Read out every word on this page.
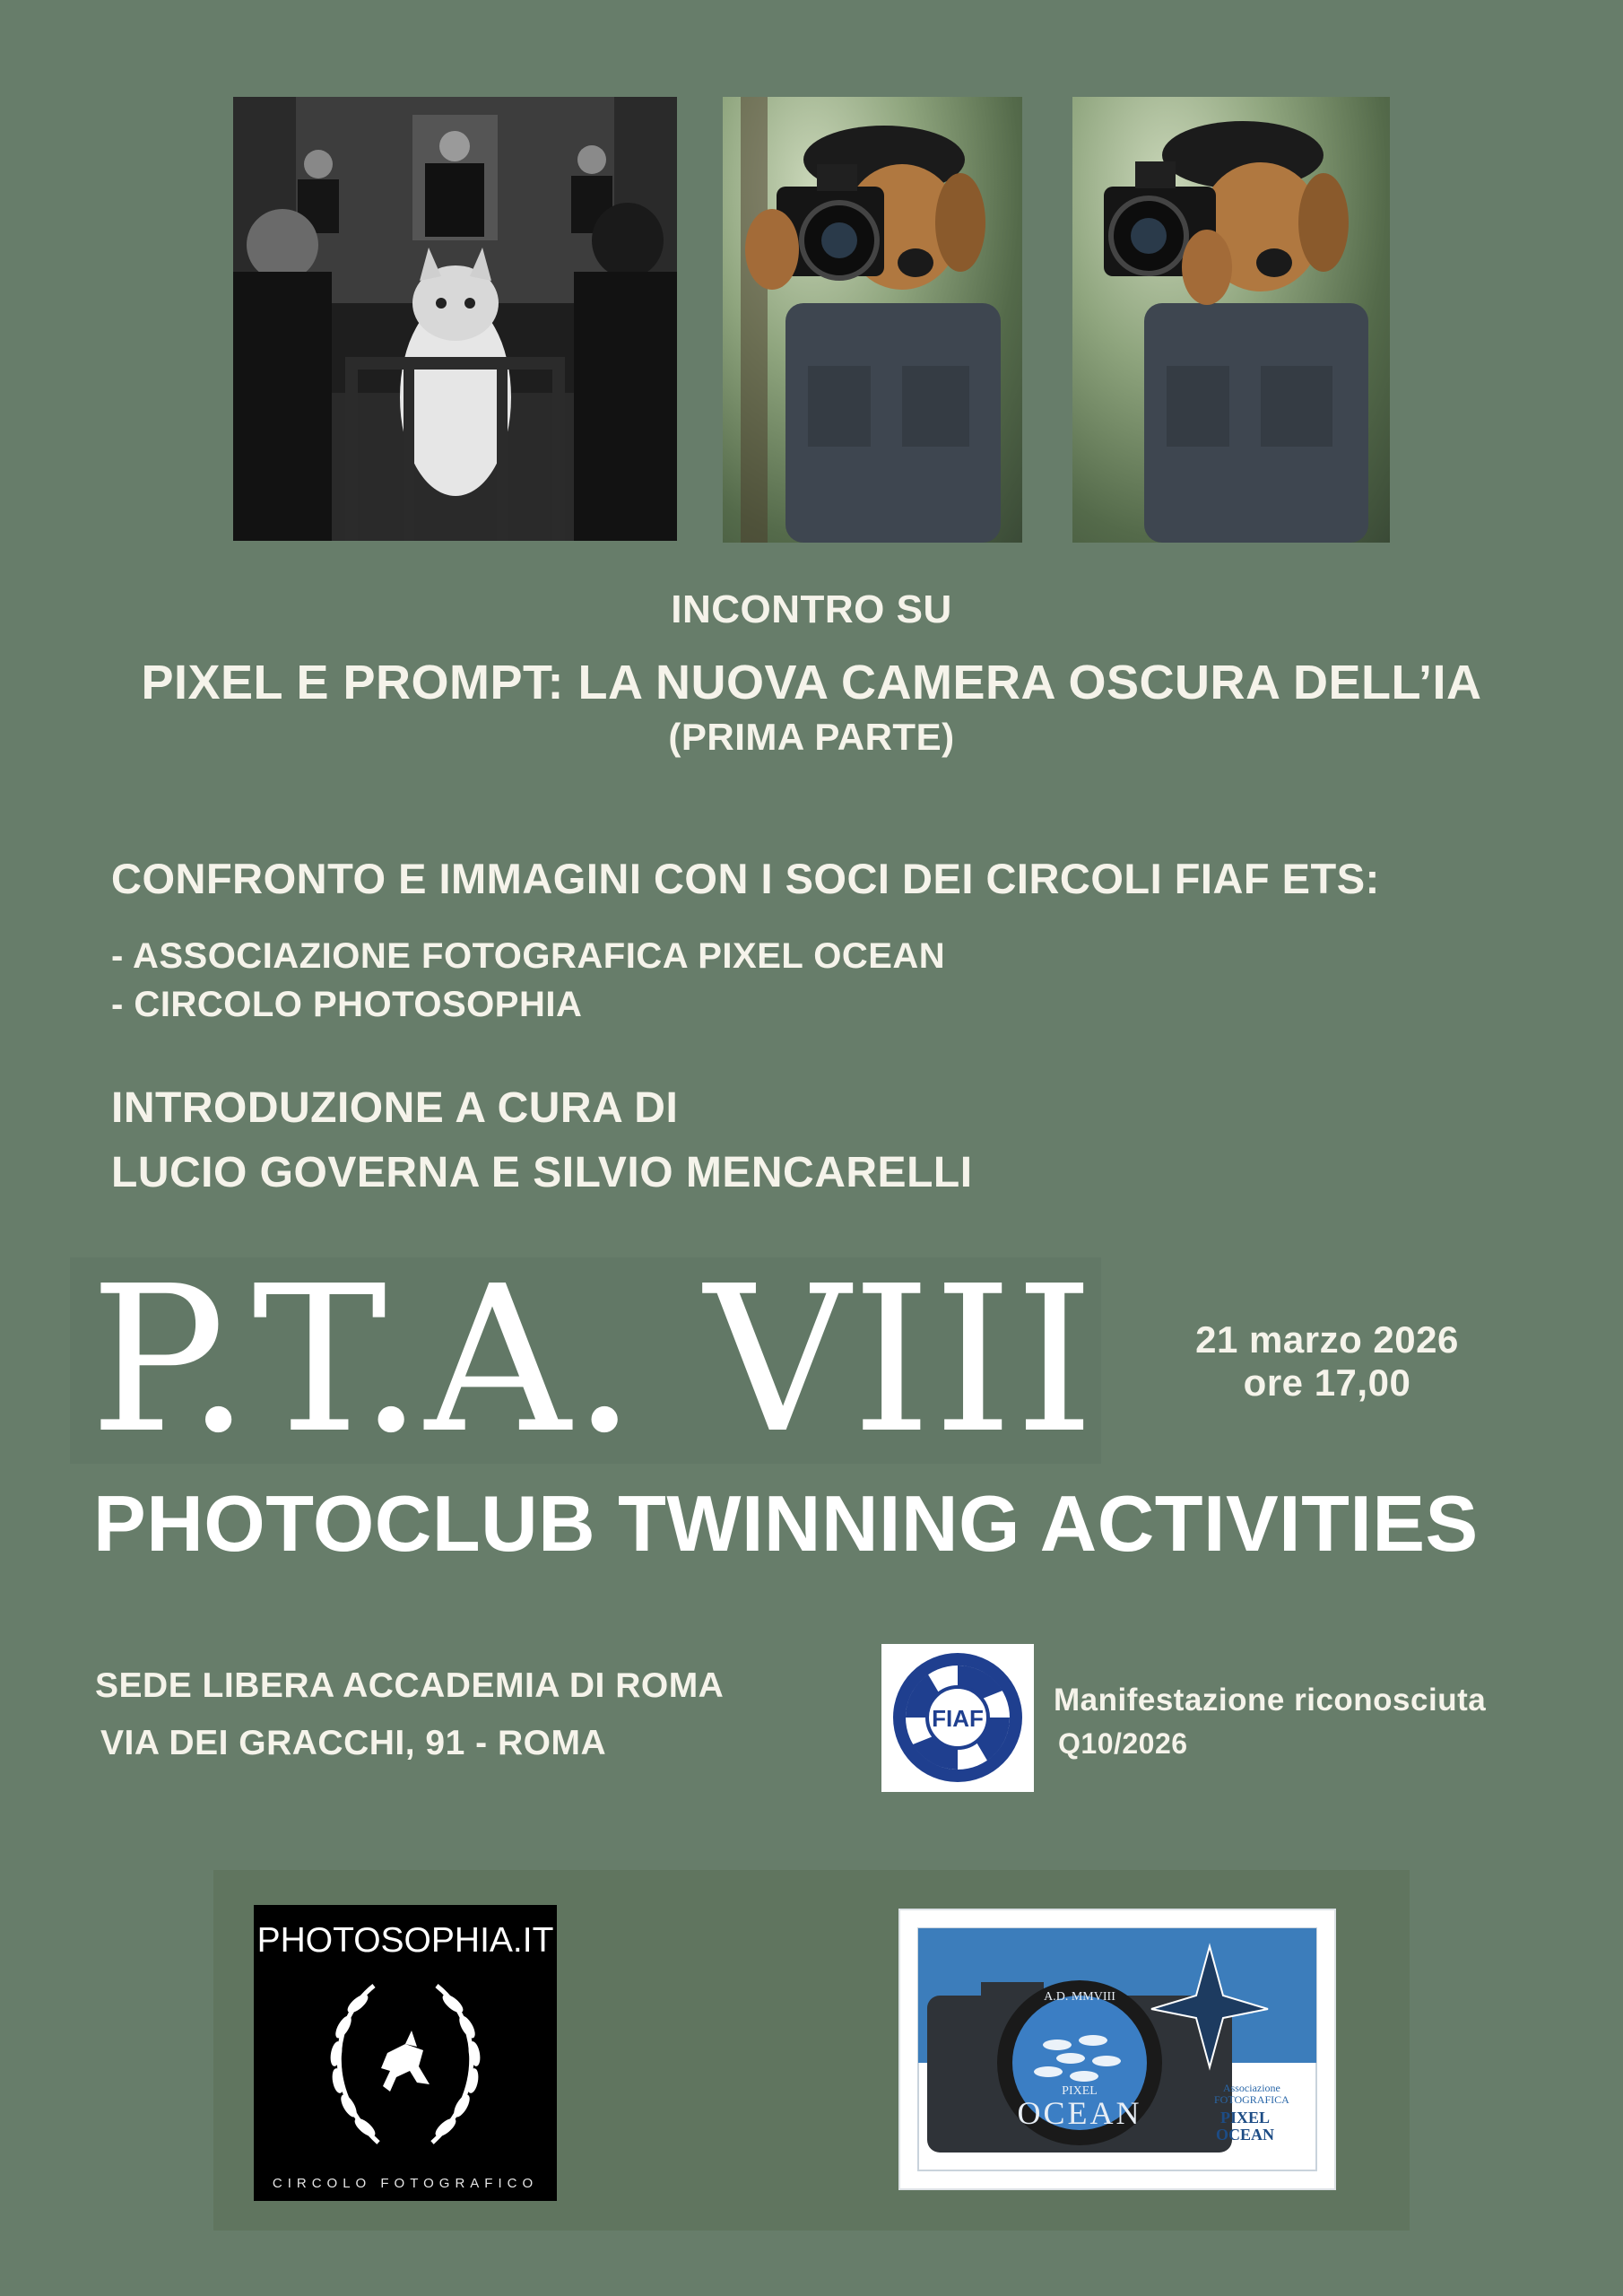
INCONTRO SU
PIXEL E PROMPT: LA NUOVA CAMERA OSCURA DELL’IA
(PRIMA PARTE)
CONFRONTO E IMMAGINI CON I SOCI DEI CIRCOLI FIAF ETS:
- ASSOCIAZIONE FOTOGRAFICA PIXEL OCEAN
- CIRCOLO PHOTOSOPHIA
INTRODUZIONE A CURA DI
LUCIO GOVERNA E SILVIO MENCARELLI
P.T.A. VIII	21 marzo 2026
ore 17,00
PHOTOCLUB TWINNING ACTIVITIES
SEDE LIBERA ACCADEMIA DI ROMA
VIA DEI GRACCHI, 91 - ROMA
FIAF
Manifestazione riconosciuta
Q10/2026
PHOTOSOPHIA.IT
CIRCOLO FOTOGRAFICO
A.D. MMVIII
PIXEL
OCEAN
Associazione
FOTOGRAFICA
PIXEL
OCEAN
